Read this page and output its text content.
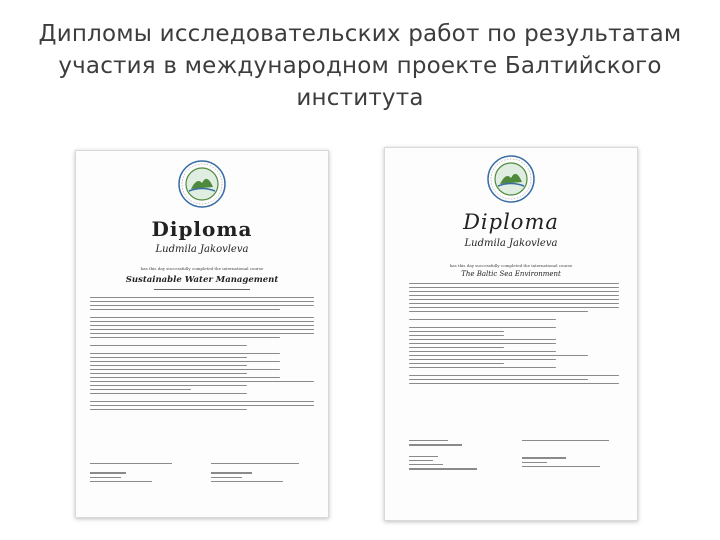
Дипломы исследовательских работ по результатам
участия в международном проекте Балтийского
института
Diploma
Ludmila Jakovleva
has this day successfully completed the international course
Sustainable Water Management
Diploma
Ludmila Jakovleva
has this day successfully completed the international course
The Baltic Sea Environment
